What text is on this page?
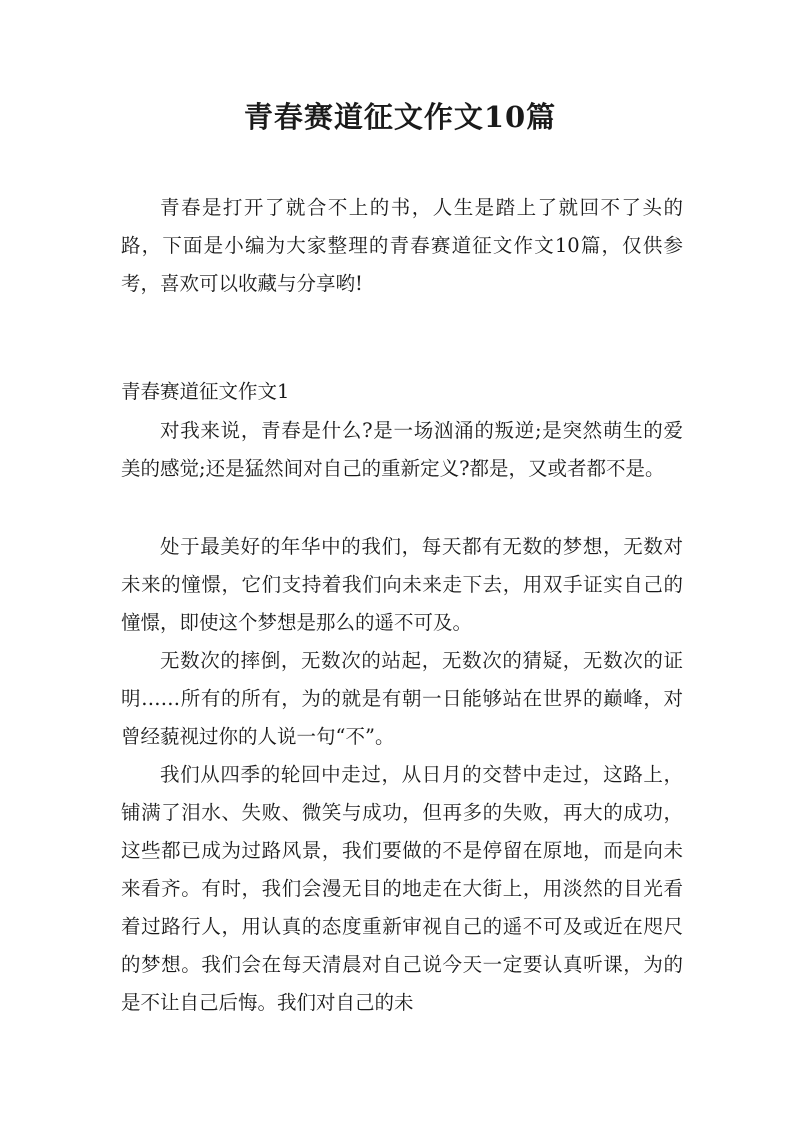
青春赛道征文作文10篇

青春是打开了就合不上的书，人生是踏上了就回不了头的路，下面是小编为大家整理的青春赛道征文作文10篇，仅供参考，喜欢可以收藏与分享哟!

青春赛道征文作文1

对我来说，青春是什么?是一场汹涌的叛逆;是突然萌生的爱美的感觉;还是猛然间对自己的重新定义?都是，又或者都不是。

处于最美好的年华中的我们，每天都有无数的梦想，无数对未来的憧憬，它们支持着我们向未来走下去，用双手证实自己的憧憬，即使这个梦想是那么的遥不可及。

无数次的摔倒，无数次的站起，无数次的猜疑，无数次的证明……所有的所有，为的就是有朝一日能够站在世界的巅峰，对曾经藐视过你的人说一句“不”。

我们从四季的轮回中走过，从日月的交替中走过，这路上，铺满了泪水、失败、微笑与成功，但再多的失败，再大的成功，这些都已成为过路风景，我们要做的不是停留在原地，而是向未来看齐。有时，我们会漫无目的地走在大街上，用淡然的目光看着过路行人，用认真的态度重新审视自己的遥不可及或近在咫尺的梦想。我们会在每天清晨对自己说今天一定要认真听课，为的是不让自己后悔。我们对自己的未
